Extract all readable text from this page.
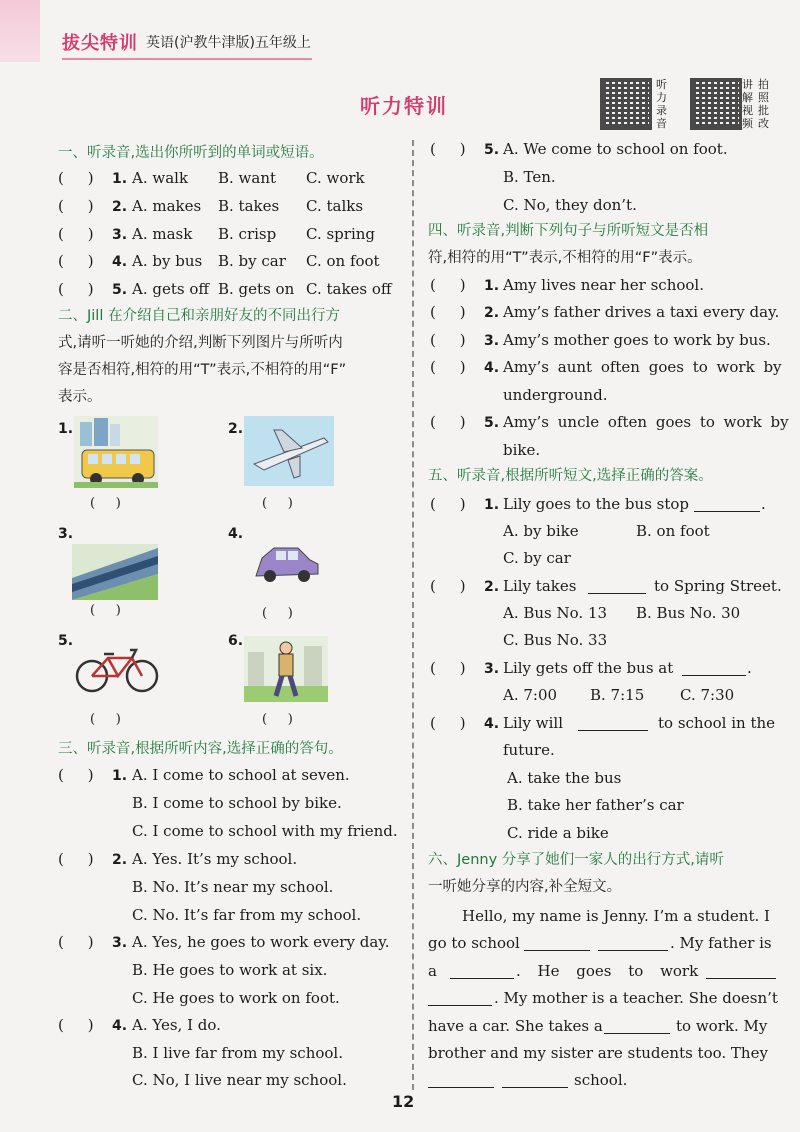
拔尖特训 英语(沪教牛津版)五年级上
听力特训
听力录音
讲解视频
拍照批改
一、听录音,选出你所听到的单词或短语。
(     ) 1. A. walk B. want C. work
(     ) 2. A. makes B. takes C. talks
(     ) 3. A. mask B. crisp C. spring
(     ) 4. A. by bus B. by car C. on foot
(     ) 5. A. gets off B. gets on C. takes off
二、Jill 在介绍自己和亲朋好友的不同出行方
式,请听一听她的介绍,判断下列图片与所听内
容是否相符,相符的用“T”表示,不相符的用“F”
表示。
1.
(     )
2.
(     )
3.
(     )
4.
(     )
5.
(     )
6.
(     )
三、听录音,根据所听内容,选择正确的答句。
(     ) 1. A. I come to school at seven.
B. I come to school by bike.
C. I come to school with my friend.
(     ) 2. A. Yes. It’s my school.
B. No. It’s near my school.
C. No. It’s far from my school.
(     ) 3. A. Yes, he goes to work every day.
B. He goes to work at six.
C. He goes to work on foot.
(     ) 4. A. Yes, I do.
B. I live far from my school.
C. No, I live near my school.
(     ) 5. A. We come to school on foot.
B. Ten.
C. No, they don’t.
四、听录音,判断下列句子与所听短文是否相
符,相符的用“T”表示,不相符的用“F”表示。
(     ) 1. Amy lives near her school.
(     ) 2. Amy’s father drives a taxi every day.
(     ) 3. Amy’s mother goes to work by bus.
(     ) 4. Amy’s aunt often goes to work by
underground.
(     ) 5. Amy’s uncle often goes to work by
bike.
五、听录音,根据所听短文,选择正确的答案。
(     ) 1. Lily goes to the bus stop	.
A. by bike	B. on foot
C. by car
(     ) 2. Lily takes	to Spring Street.
A. Bus No. 13 B. Bus No. 30
C. Bus No. 33
(     ) 3. Lily gets off the bus at	.
A. 7:00 B. 7:15 C. 7:30
(     ) 4. Lily will	to school in the
future.
A. take the bus
B. take her father’s car
C. ride a bike
六、Jenny 分享了她们一家人的出行方式,请听
一听她分享的内容,补全短文。
Hello, my name is Jenny. I’m a student. I
go to school	. My father is
a	. He goes to work
. My mother is a teacher. She doesn’t
have a car. She takes a	to work. My
brother and my sister are students too. They
school.
12
